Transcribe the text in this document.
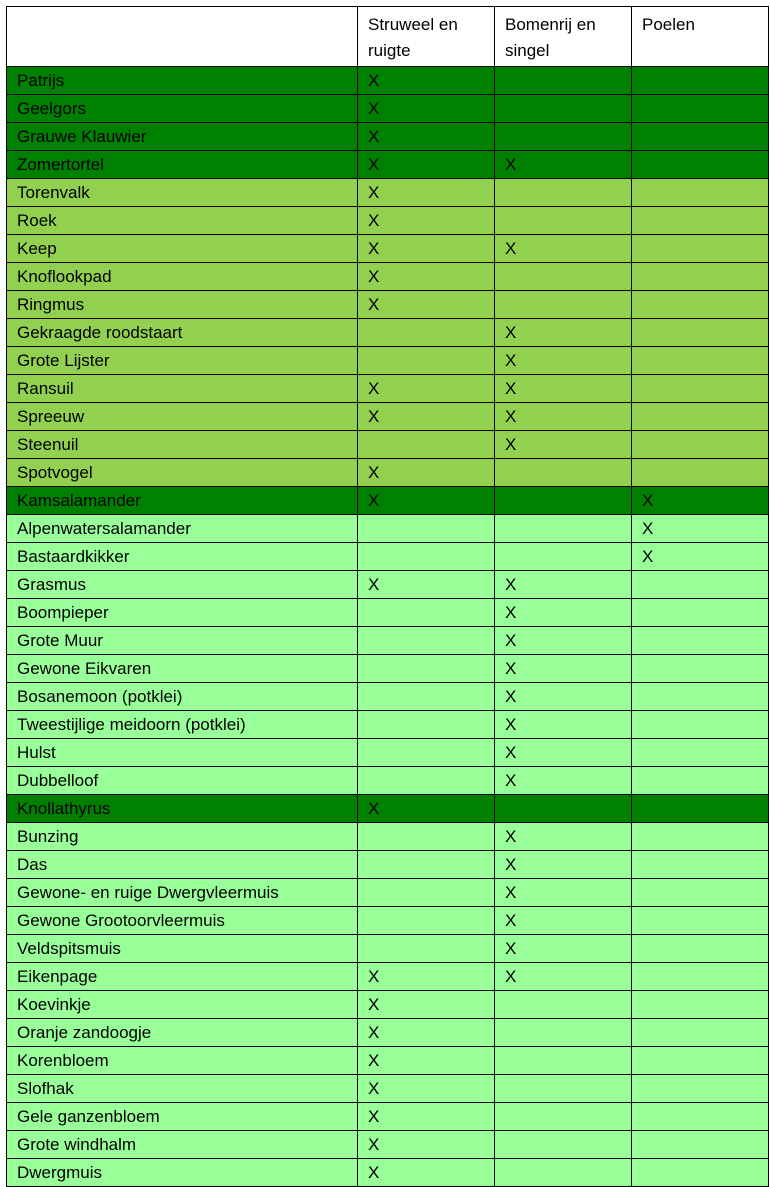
	Struweel en ruigte	Bomenrij en singel	Poelen
Patrijs	X		
Geelgors	X		
Grauwe Klauwier	X		
Zomertortel	X	X	
Torenvalk	X		
Roek	X		
Keep	X	X	
Knoflookpad	X		
Ringmus	X		
Gekraagde roodstaart		X	
Grote Lijster		X	
Ransuil	X	X	
Spreeuw	X	X	
Steenuil		X	
Spotvogel	X		
Kamsalamander	X		X
Alpenwatersalamander			X
Bastaardkikker			X
Grasmus	X	X	
Boompieper		X	
Grote Muur		X	
Gewone Eikvaren		X	
Bosanemoon (potklei)		X	
Tweestijlige meidoorn (potklei)		X	
Hulst		X	
Dubbelloof		X	
Knollathyrus	X		
Bunzing		X	
Das		X	
Gewone- en ruige Dwergvleermuis		X	
Gewone Grootoorvleermuis		X	
Veldspitsmuis		X	
Eikenpage	X	X	
Koevinkje	X		
Oranje zandoogje	X		
Korenbloem	X		
Slofhak	X		
Gele ganzenbloem	X		
Grote windhalm	X		
Dwergmuis	X		
